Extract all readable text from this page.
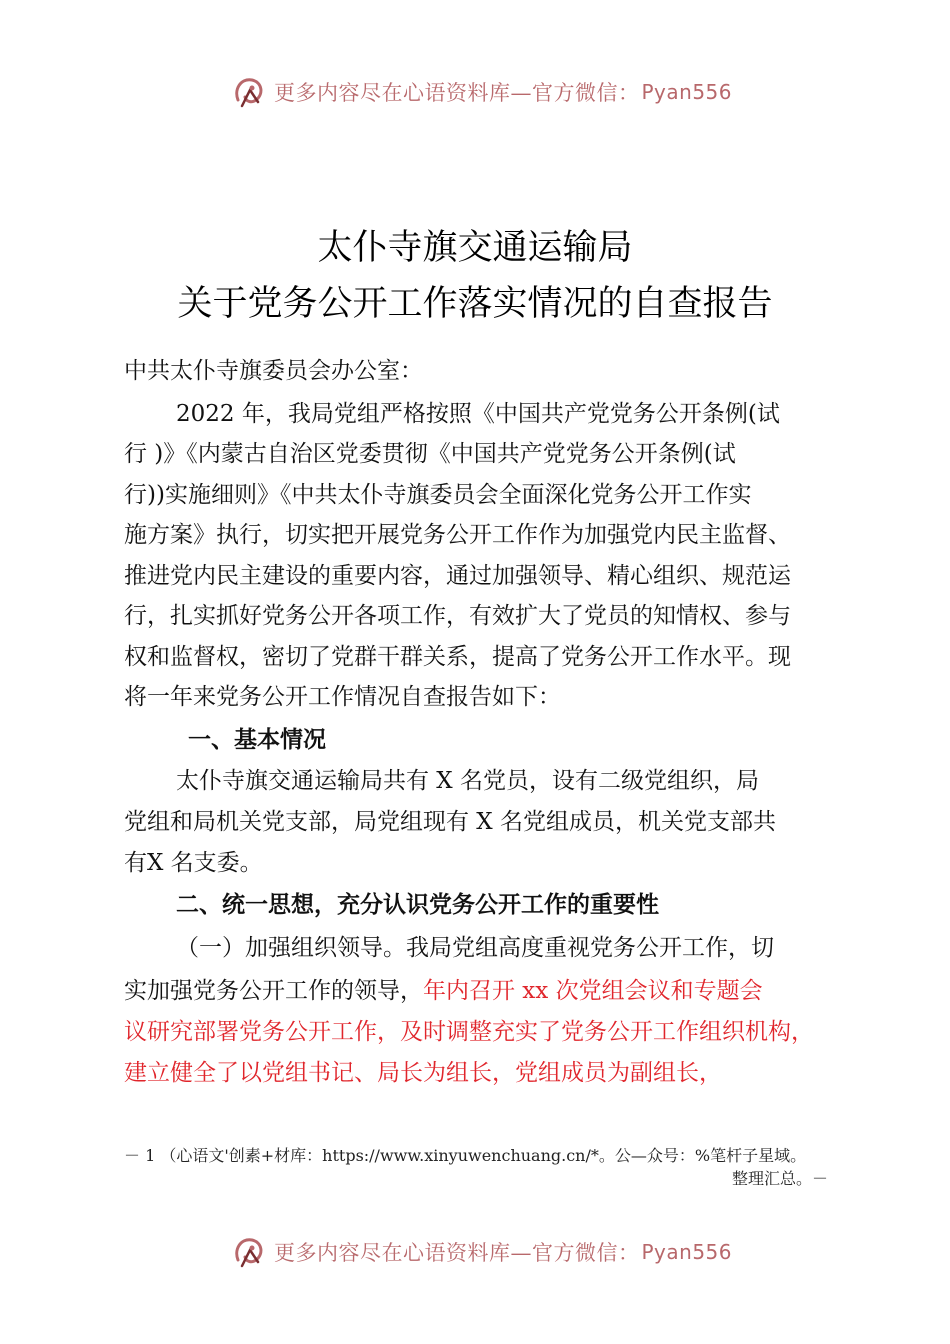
更多内容尽在心语资料库—官方微信： Pyan556
太仆寺旗交通运输局
关于党务公开工作落实情况的自查报告
中共太仆寺旗委员会办公室：
2022 年，我局党组严格按照《中国共产党党务公开条例(试
行 )》《内蒙古自治区党委贯彻《中国共产党党务公开条例(试
行))实施细则》《中共太仆寺旗委员会全面深化党务公开工作实
施方案》执行，切实把开展党务公开工作作为加强党内民主监督、
推进党内民主建设的重要内容，通过加强领导、精心组织、规范运
行，扎实抓好党务公开各项工作，有效扩大了党员的知情权、参与
权和监督权，密切了党群干群关系，提高了党务公开工作水平。现
将一年来党务公开工作情况自查报告如下：
一、基本情况
太仆寺旗交通运输局共有 X 名党员，设有二级党组织，局
党组和局机关党支部，局党组现有 X 名党组成员，机关党支部共
有X 名支委。
二、统一思想，充分认识党务公开工作的重要性
（一）加强组织领导。我局党组高度重视党务公开工作，切
实加强党务公开工作的领导，年内召开 xx 次党组会议和专题会
议研究部署党务公开工作，及时调整充实了党务公开工作组织机构，
建立健全了以党组书记、局长为组长，党组成员为副组长，
－ 1 （心语文'创素+材库：https://www.xinyuwenchuang.cn/*。公—众号：%笔杆子星域。
整理汇总。－
更多内容尽在心语资料库—官方微信： Pyan556
